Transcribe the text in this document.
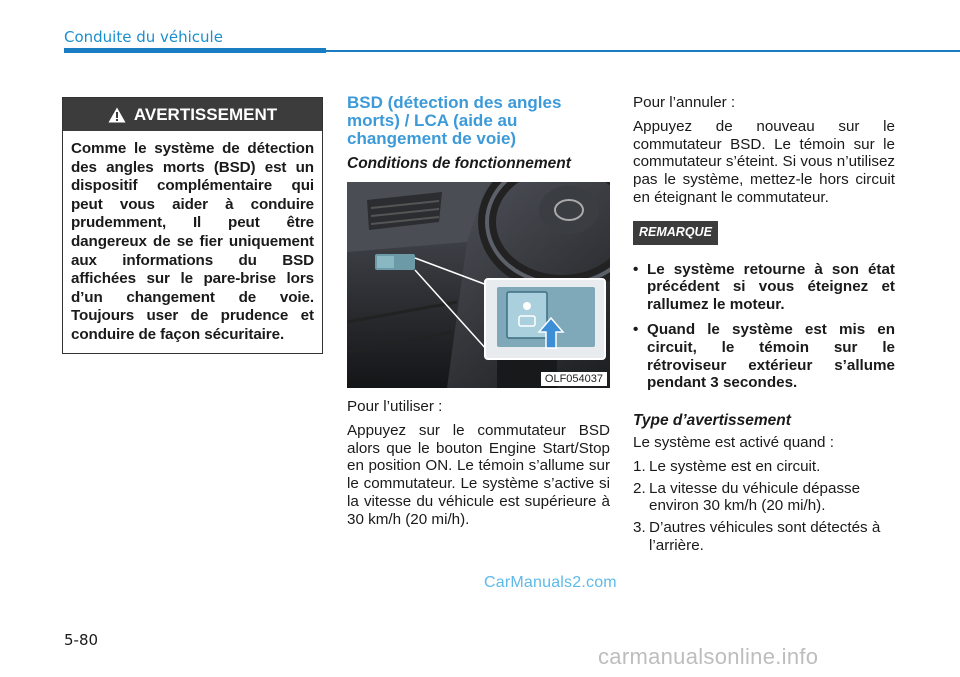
Conduite du véhicule
AVERTISSEMENT
Comme le système de détection des angles morts (BSD) est un dispositif complémentaire qui peut vous aider à conduire prudemment, Il peut être dangereux de se fier uniquement aux informations du BSD affichées sur le pare-brise lors d’un changement de voie. Toujours user de prudence et conduire de façon sécuritaire.
BSD (détection des angles morts) / LCA (aide au changement de voie)
Conditions de fonctionnement
OLF054037

Pour l’utiliser :

Appuyez sur le commutateur BSD alors que le bouton Engine Start/Stop en position ON. Le témoin s’allume sur le commutateur. Le système s’active si la vitesse du véhicule est supérieure à 30 km/h (20 mi/h).

Pour l’annuler :

Appuyez de nouveau sur le commutateur BSD. Le témoin sur le commutateur s’éteint. Si vous n’utilisez pas le système, mettez-le hors circuit en éteignant le commutateur.

REMARQUE
• Le système retourne à son état précédent si vous éteignez et rallumez le moteur.
• Quand le système est mis en circuit, le témoin sur le rétroviseur extérieur s’allume pendant 3 secondes.
Type d’avertissement

Le système est activé quand :

1. Le système est en circuit.
2. La vitesse du véhicule dépasse environ 30 km/h (20 mi/h).
3. D’autres véhicules sont détectés à l’arrière.
CarManuals2.com
5-80
carmanualsonline.info
